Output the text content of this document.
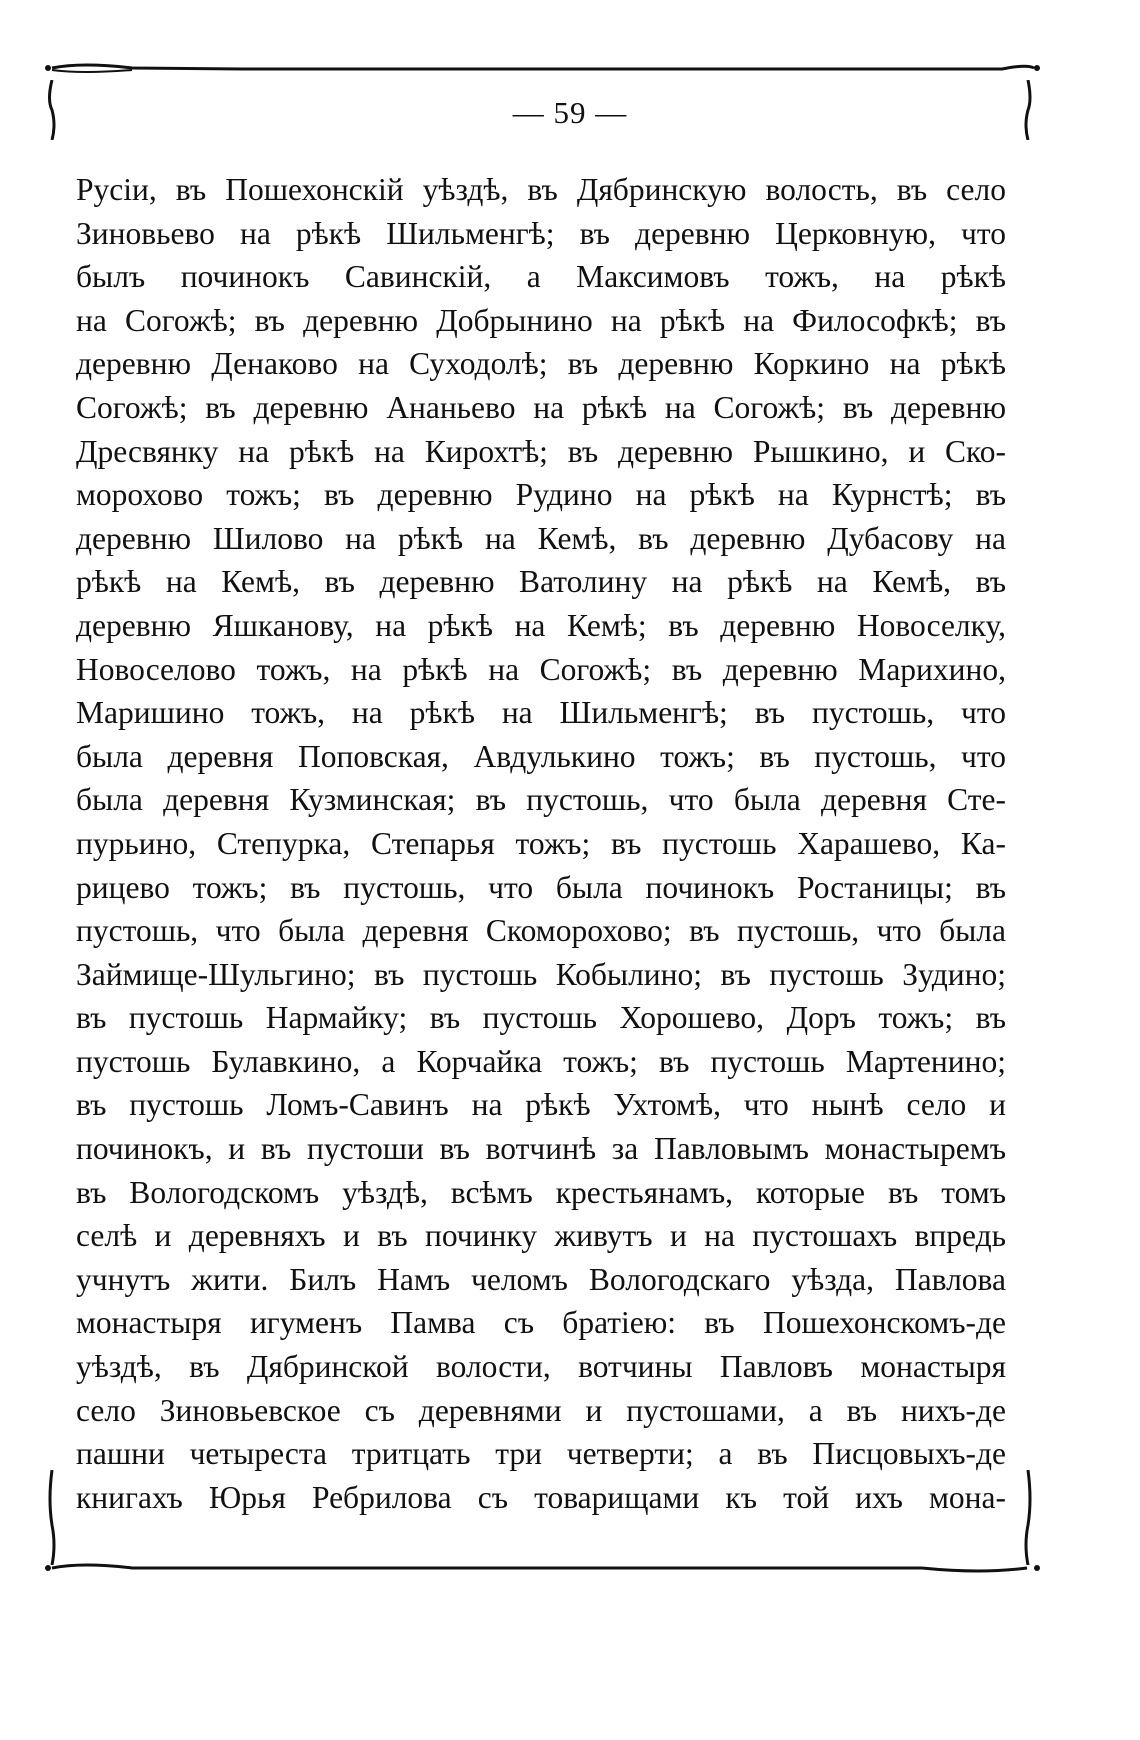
— 59 —
Русіи, въ Пошехонскій уѣздѣ, въ Дябринскую волость, въ село
Зиновьево на рѣкѣ Шильменгѣ; въ деревню Церковную, что
былъ починокъ Савинскій, а Максимовъ тожъ, на рѣкѣ
на Согожѣ; въ деревню Добрынино на рѣкѣ на Философкѣ; въ
деревню Денаково на Суходолѣ; въ деревню Коркино на рѣкѣ
Согожѣ; въ деревню Ананьево на рѣкѣ на Согожѣ; въ деревню
Дресвянку на рѣкѣ на Кирохтѣ; въ деревню Рышкино, и Ско-
морохово тожъ; въ деревню Рудино на рѣкѣ на Курнстѣ; въ
деревню Шилово на рѣкѣ на Кемѣ, въ деревню Дубасову на
рѣкѣ на Кемѣ, въ деревню Ватолину на рѣкѣ на Кемѣ, въ
деревню Яшканову, на рѣкѣ на Кемѣ; въ деревню Новоселку,
Новоселово тожъ, на рѣкѣ на Согожѣ; въ деревню Марихино,
Маришино тожъ, на рѣкѣ на Шильменгѣ; въ пустошь, что
была деревня Поповская, Авдулькино тожъ; въ пустошь, что
была деревня Кузминская; въ пустошь, что была деревня Сте-
пурьино, Степурка, Степарья тожъ; въ пустошь Харашево, Ка-
рицево тожъ; въ пустошь, что была починокъ Ростаницы; въ
пустошь, что была деревня Скоморохово; въ пустошь, что была
Займище-Шульгино; въ пустошь Кобылино; въ пустошь Зудино;
въ пустошь Нармайку; въ пустошь Хорошево, Доръ тожъ; въ
пустошь Булавкино, а Корчайка тожъ; въ пустошь Мартенино;
въ пустошь Ломъ-Савинъ на рѣкѣ Ухтомѣ, что нынѣ село и
починокъ, и въ пустоши въ вотчинѣ за Павловымъ монастыремъ
въ Вологодскомъ уѣздѣ, всѣмъ крестьянамъ, которые въ томъ
селѣ и деревняхъ и въ починку живутъ и на пустошахъ впредь
учнутъ жити. Билъ Намъ челомъ Вологодскаго уѣзда, Павлова
монастыря игуменъ Памва съ братіею: въ Пошехонскомъ-де
уѣздѣ, въ Дябринской волости, вотчины Павловъ монастыря
село Зиновьевское съ деревнями и пустошами, а въ нихъ-де
пашни четыреста тритцать три четверти; а въ Писцовыхъ-де
книгахъ Юрья Ребрилова съ товарищами къ той ихъ мона-
